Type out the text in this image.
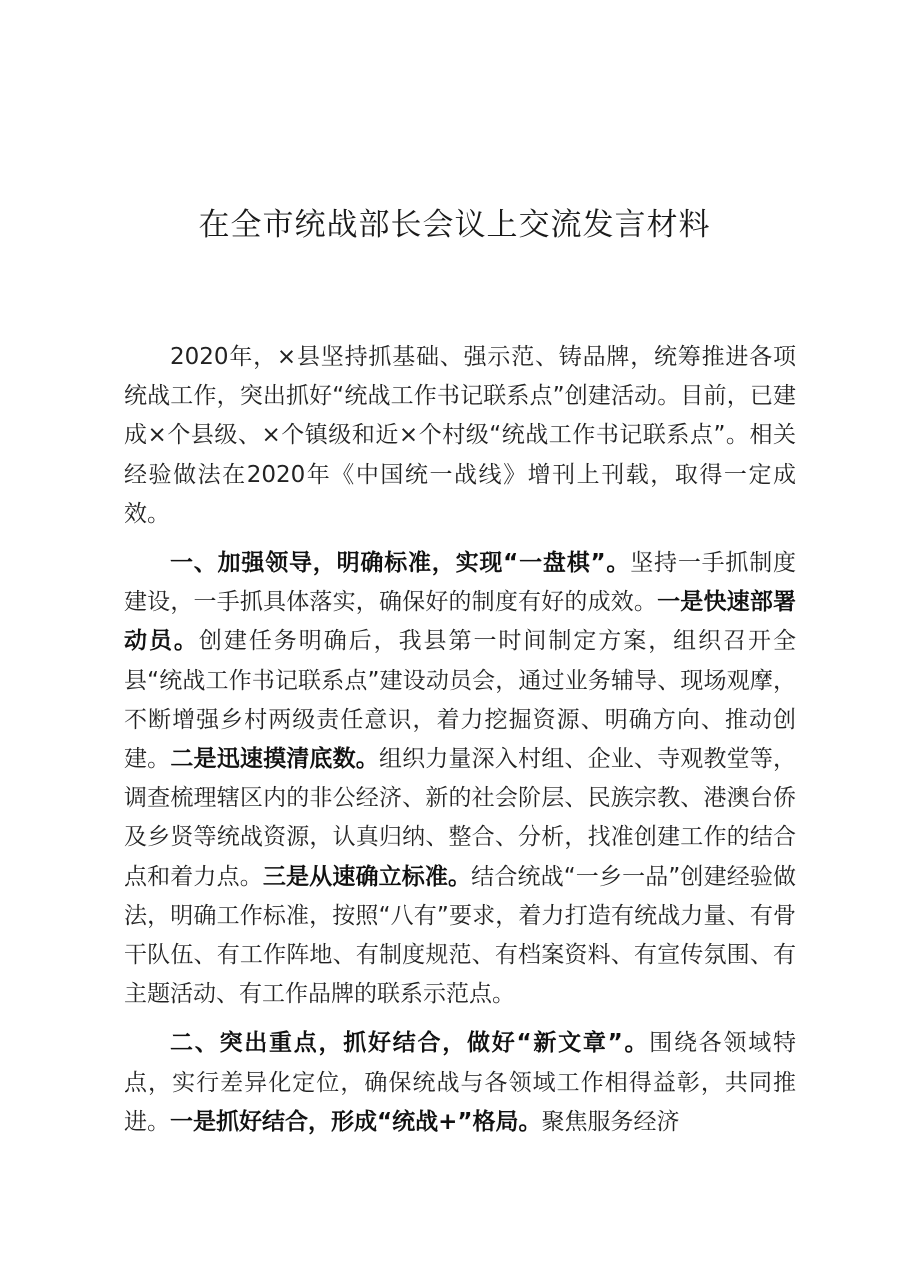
在全市统战部长会议上交流发言材料

2020年，×县坚持抓基础、强示范、铸品牌，统筹推进各项统战工作，突出抓好“统战工作书记联系点”创建活动。目前，已建成×个县级、×个镇级和近×个村级“统战工作书记联系点”。相关经验做法在2020年《中国统一战线》增刊上刊载，取得一定成效。

一、加强领导，明确标准，实现“一盘棋”。坚持一手抓制度建设，一手抓具体落实，确保好的制度有好的成效。一是快速部署动员。创建任务明确后，我县第一时间制定方案，组织召开全县“统战工作书记联系点”建设动员会，通过业务辅导、现场观摩，不断增强乡村两级责任意识，着力挖掘资源、明确方向、推动创建。二是迅速摸清底数。组织力量深入村组、企业、寺观教堂等，调查梳理辖区内的非公经济、新的社会阶层、民族宗教、港澳台侨及乡贤等统战资源，认真归纳、整合、分析，找准创建工作的结合点和着力点。三是从速确立标准。结合统战“一乡一品”创建经验做法，明确工作标准，按照“八有”要求，着力打造有统战力量、有骨干队伍、有工作阵地、有制度规范、有档案资料、有宣传氛围、有主题活动、有工作品牌的联系示范点。

二、突出重点，抓好结合，做好“新文章”。围绕各领域特点，实行差异化定位，确保统战与各领域工作相得益彰，共同推进。一是抓好结合，形成“统战+”格局。聚焦服务经济
